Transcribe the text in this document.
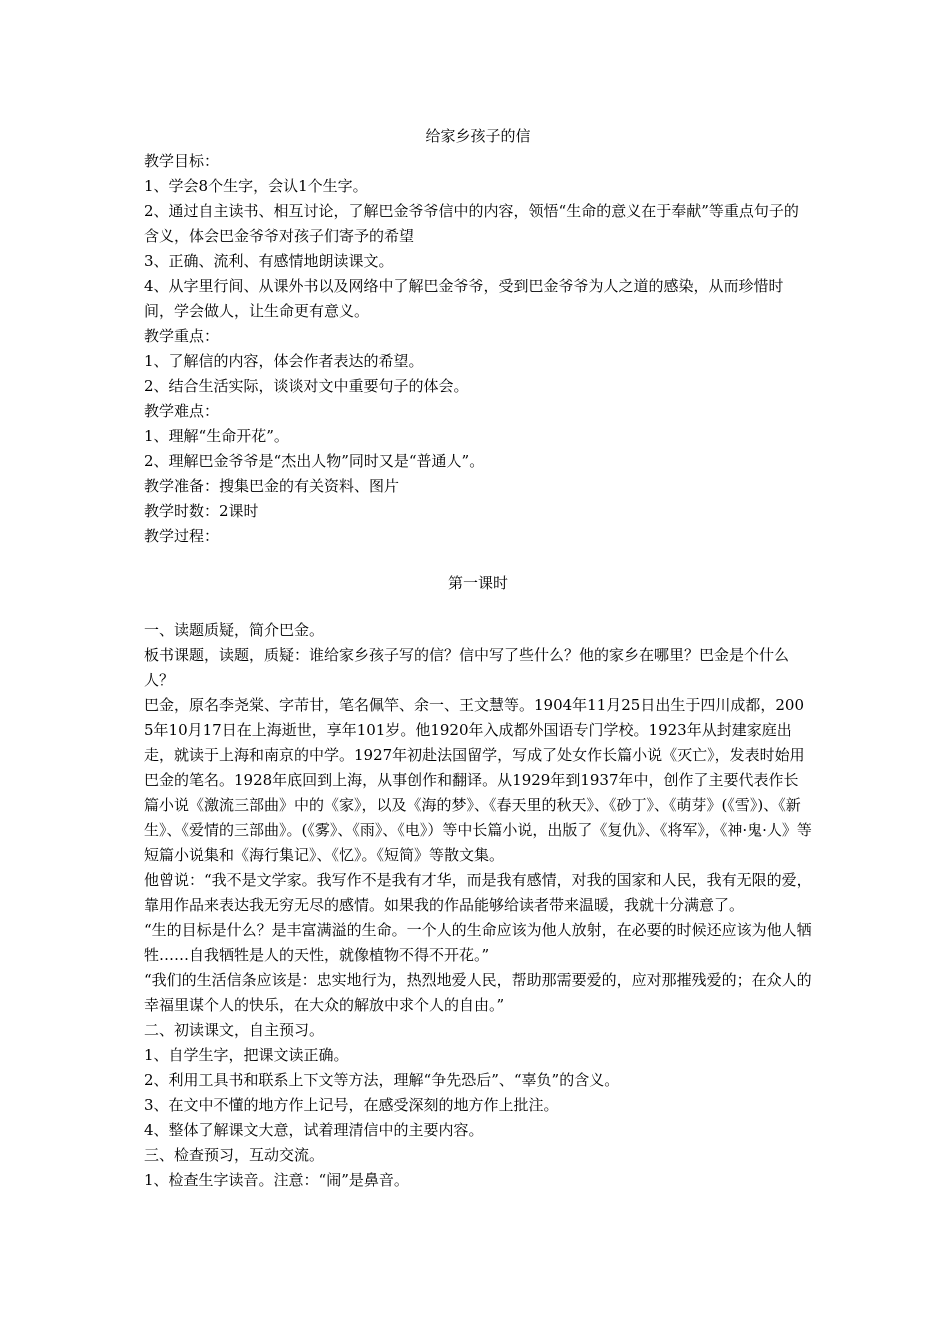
给家乡孩子的信

教学目标：

1、学会8个生字，会认1个生字。

2、通过自主读书、相互讨论，了解巴金爷爷信中的内容，领悟“生命的意义在于奉献”等重点句子的含义，体会巴金爷爷对孩子们寄予的希望

3、正确、流利、有感情地朗读课文。

4、从字里行间、从课外书以及网络中了解巴金爷爷，受到巴金爷爷为人之道的感染，从而珍惜时间，学会做人，让生命更有意义。

教学重点：

1、了解信的内容，体会作者表达的希望。

2、结合生活实际，谈谈对文中重要句子的体会。

教学难点：

1、理解“生命开花”。

2、理解巴金爷爷是“杰出人物”同时又是“普通人”。

教学准备：搜集巴金的有关资料、图片

教学时数：2课时

教学过程：

第一课时

一、读题质疑，简介巴金。

板书课题，读题，质疑：谁给家乡孩子写的信？信中写了些什么？他的家乡在哪里？巴金是个什么人？

巴金，原名李尧棠、字芾甘，笔名佩竿、余一、王文慧等。1904年11月25日出生于四川成都，2005年10月17日在上海逝世，享年101岁。他1920年入成都外国语专门学校。1923年从封建家庭出走，就读于上海和南京的中学。1927年初赴法国留学，写成了处女作长篇小说《灭亡》，发表时始用巴金的笔名。1928年底回到上海，从事创作和翻译。从1929年到1937年中，创作了主要代表作长篇小说《激流三部曲》中的《家》，以及《海的梦》、《春天里的秋天》、《砂丁》、《萌芽》(《雪》)、《新生》、《爱情的三部曲》。(《雾》、《雨》、《电》）等中长篇小说，出版了《复仇》、《将军》，《神·鬼·人》等短篇小说集和《海行集记》、《忆》。《短简》等散文集。

他曾说：“我不是文学家。我写作不是我有才华，而是我有感情，对我的国家和人民，我有无限的爱，靠用作品来表达我无穷无尽的感情。如果我的作品能够给读者带来温暖，我就十分满意了。

“生的目标是什么？是丰富满溢的生命。一个人的生命应该为他人放射，在必要的时候还应该为他人牺牲……自我牺牲是人的天性，就像植物不得不开花。”

“我们的生活信条应该是：忠实地行为，热烈地爱人民，帮助那需要爱的，应对那摧残爱的；在众人的幸福里谋个人的快乐，在大众的解放中求个人的自由。”

二、初读课文，自主预习。

1、自学生字，把课文读正确。

2、利用工具书和联系上下文等方法，理解“争先恐后”、“辜负”的含义。

3、在文中不懂的地方作上记号，在感受深刻的地方作上批注。

4、整体了解课文大意，试着理清信中的主要内容。

三、检查预习，互动交流。

1、检查生字读音。注意：“闹”是鼻音。
